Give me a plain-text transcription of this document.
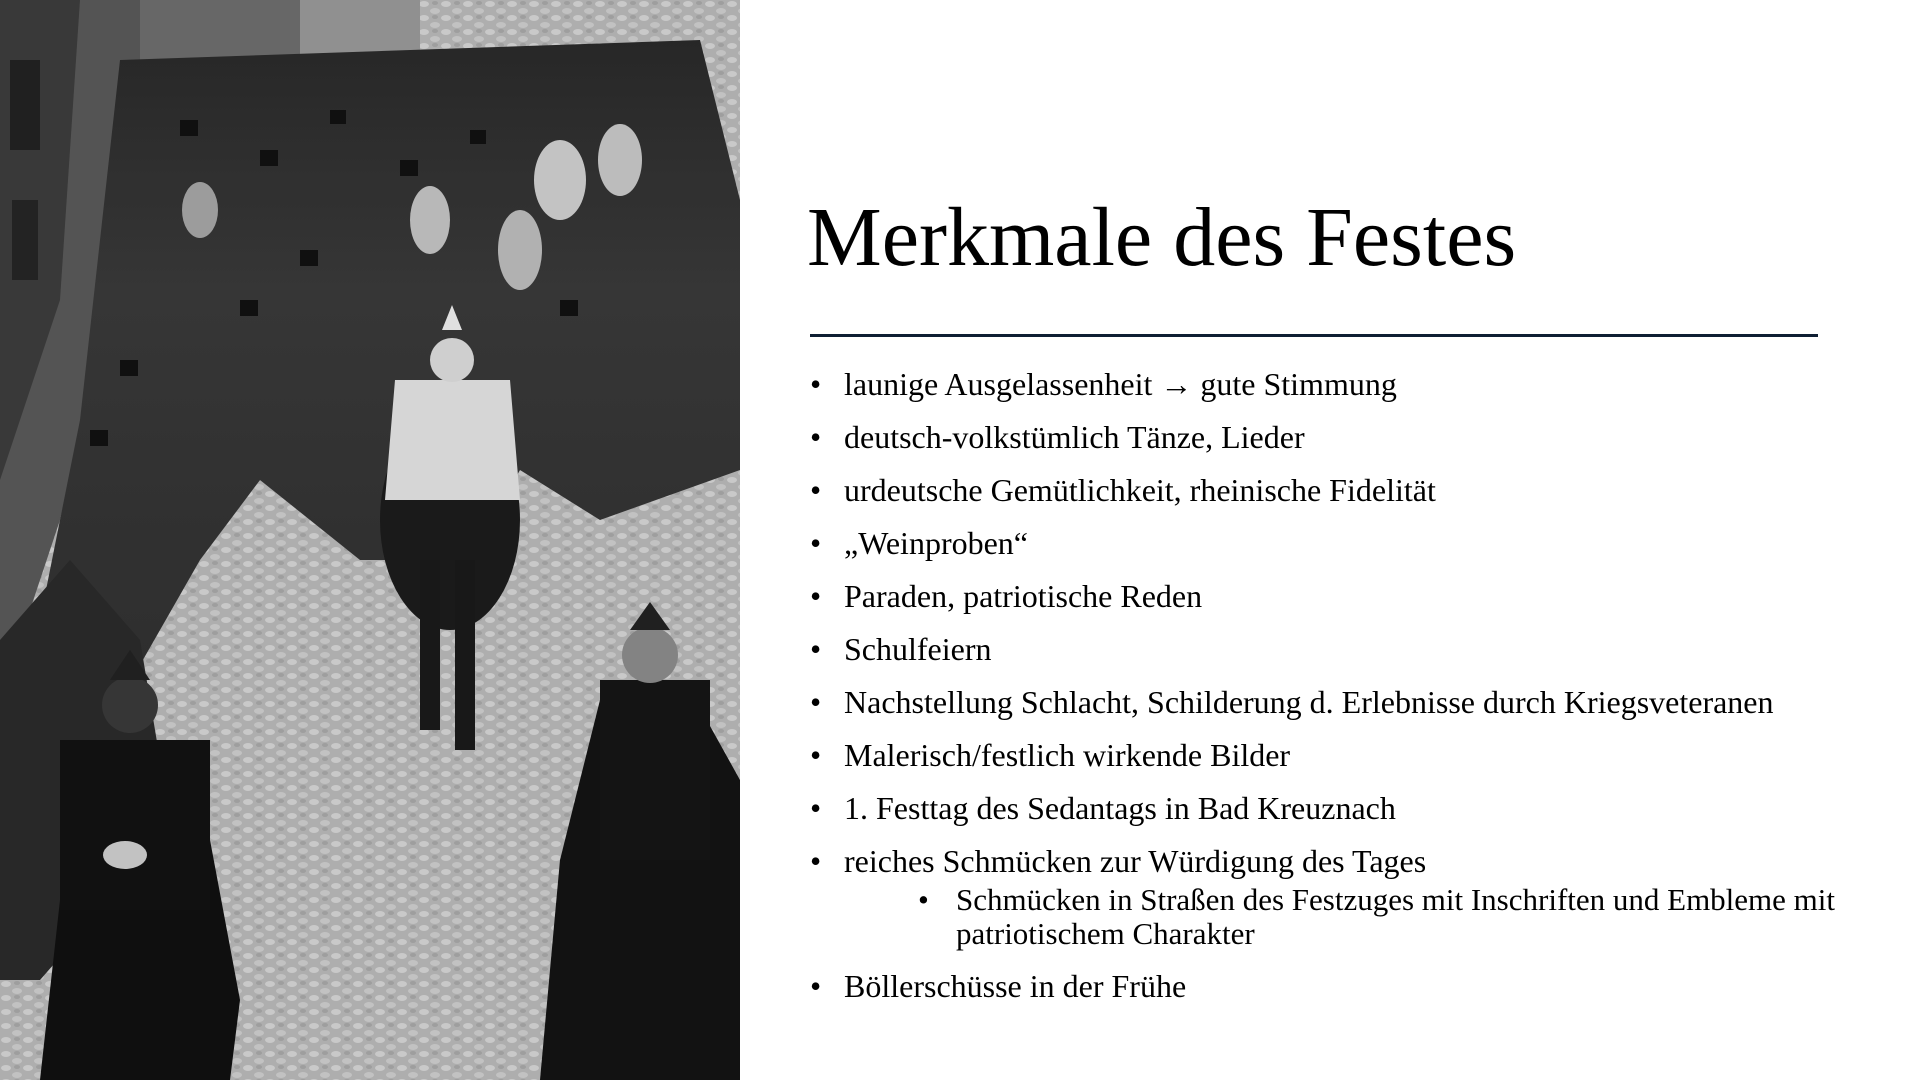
Merkmale des Festes
• launige Ausgelassenheit → gute Stimmung
• deutsch-volkstümlich Tänze, Lieder
• urdeutsche Gemütlichkeit, rheinische Fidelität
• „Weinproben“
• Paraden, patriotische Reden
• Schulfeiern
• Nachstellung Schlacht, Schilderung d. Erlebnisse durch Kriegsveteranen
• Malerisch/festlich wirkende Bilder
• 1. Festtag des Sedantags in Bad Kreuznach
• reiches Schmücken zur Würdigung des Tages
• Schmücken in Straßen des Festzuges mit Inschriften und Embleme mit patriotischem Charakter
• Böllerschüsse in der Frühe
